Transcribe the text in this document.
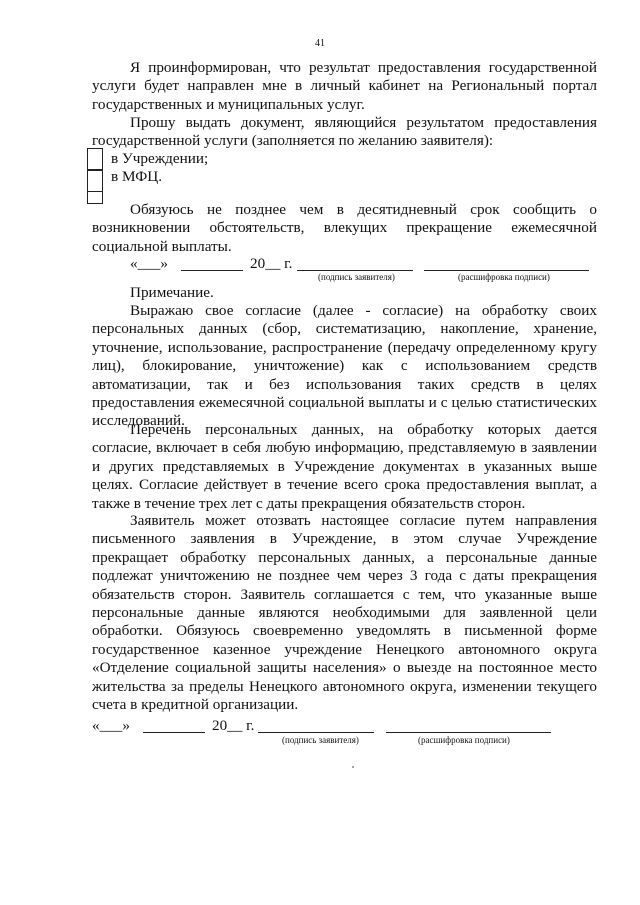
41

Я проинформирован, что результат предоставления государственной услуги будет направлен мне в личный кабинет на Региональный портал государственных и муниципальных услуг.

Прошу выдать документ, являющийся результатом предоставления государственной услуги (заполняется по желанию заявителя):

в Учреждении;
в МФЦ.

Обязуюсь не позднее чем в десятидневный срок сообщить о возникновении обстоятельств, влекущих прекращение ежемесячной социальной выплаты.

«___»	20__ г.
(подпись заявителя)	(расшифровка подписи)

Примечание.

Выражаю свое согласие (далее - согласие) на обработку своих персональных данных (сбор, систематизацию, накопление, хранение, уточнение, использование, распространение (передачу определенному кругу лиц), блокирование, уничтожение) как с использованием средств автоматизации, так и без использования таких средств в целях предоставления ежемесячной социальной выплаты и с целью статистических исследований.

Перечень персональных данных, на обработку которых дается согласие, включает в себя любую информацию, представляемую в заявлении и других представляемых в Учреждение документах в указанных выше целях. Согласие действует в течение всего срока предоставления выплат, а также в течение трех лет с даты прекращения обязательств сторон.

Заявитель может отозвать настоящее согласие путем направления письменного заявления в Учреждение, в этом случае Учреждение прекращает обработку персональных данных, а персональные данные подлежат уничтожению не позднее чем через 3 года с даты прекращения обязательств сторон. Заявитель соглашается с тем, что указанные выше персональные данные являются необходимыми для заявленной цели обработки. Обязуюсь своевременно уведомлять в письменной форме государственное казенное учреждение Ненецкого автономного округа «Отделение социальной защиты населения» о выезде на постоянное место жительства за пределы Ненецкого автономного округа, изменении текущего счета в кредитной организации.

«___»	20__ г.
(подпись заявителя)	(расшифровка подписи)
